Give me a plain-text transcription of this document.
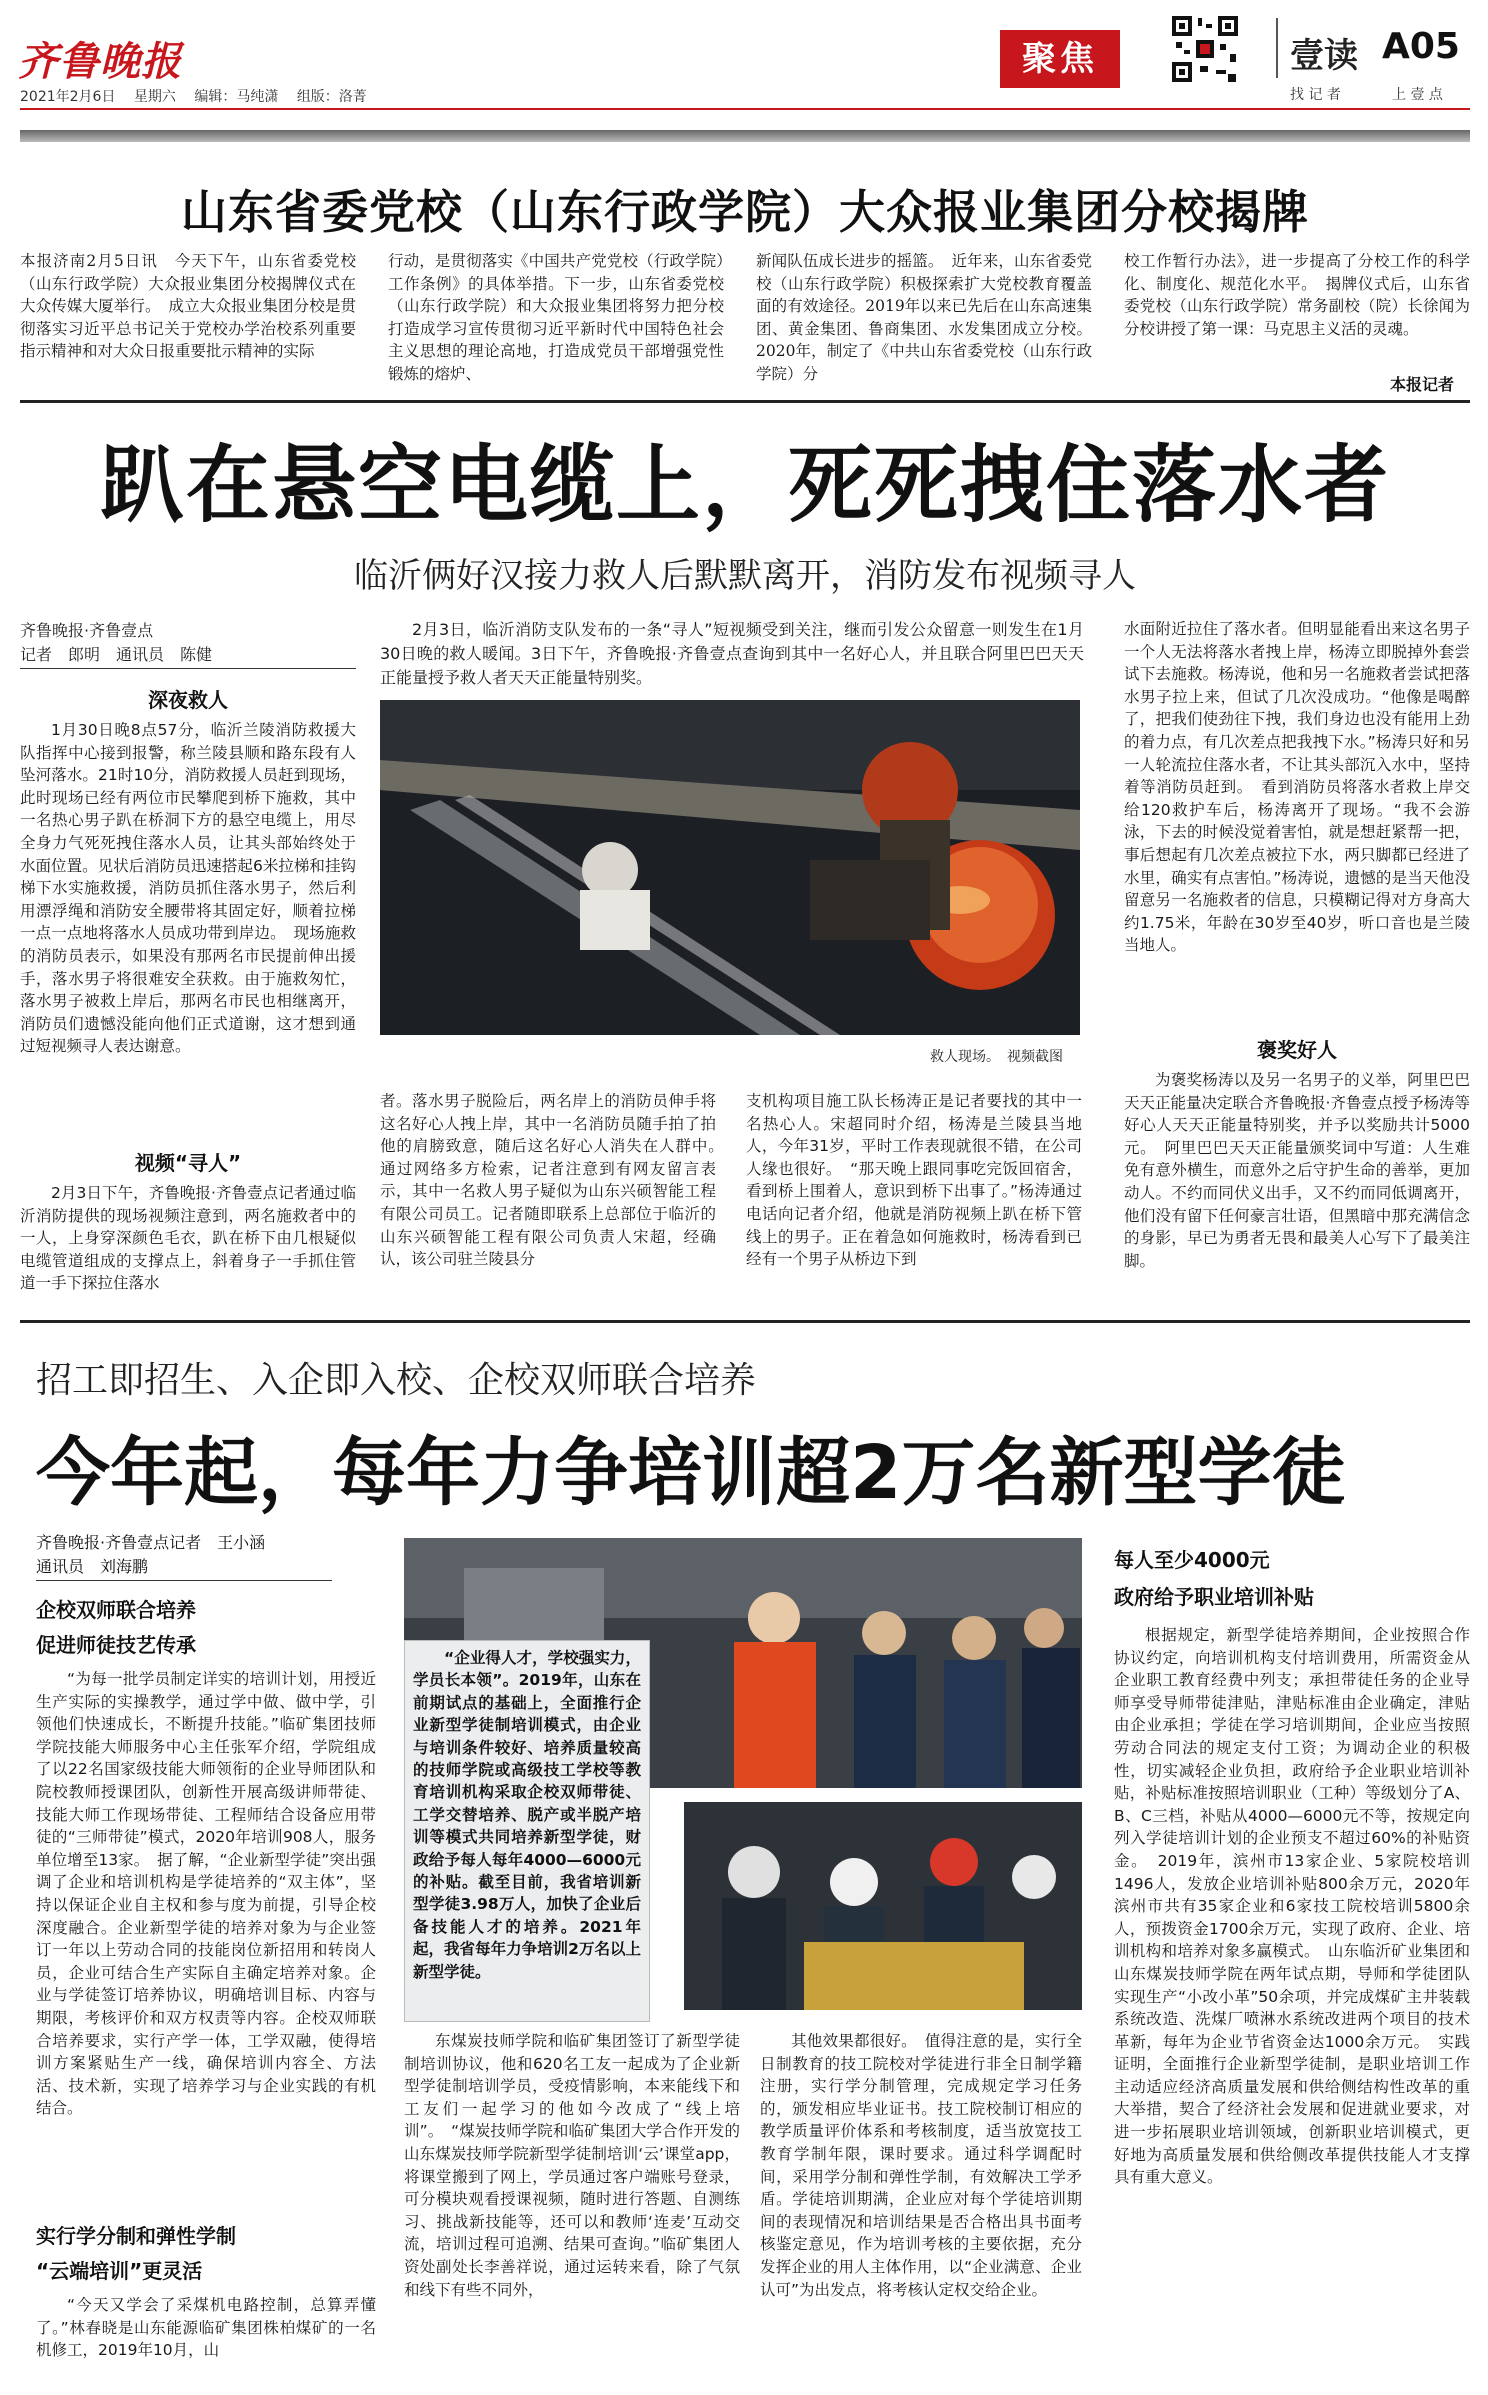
齐鲁晚报
2021年2月6日 星期六 编辑：马纯潇 组版：洛菁
聚焦	壹读 A05
找 记 者	上 壹 点
山东省委党校（山东行政学院）大众报业集团分校揭牌
本报济南2月5日讯　今天下午，山东省委党校（山东行政学院）大众报业集团分校揭牌仪式在大众传媒大厦举行。　成立大众报业集团分校是贯彻落实习近平总书记关于党校办学治校系列重要指示精神和对大众日报重要批示精神的实际
行动，是贯彻落实《中国共产党党校（行政学院）工作条例》的具体举措。下一步，山东省委党校（山东行政学院）和大众报业集团将努力把分校打造成学习宣传贯彻习近平新时代中国特色社会主义思想的理论高地，打造成党员干部增强党性锻炼的熔炉、
新闻队伍成长进步的摇篮。　近年来，山东省委党校（山东行政学院）积极探索扩大党校教育覆盖面的有效途径。2019年以来已先后在山东高速集团、黄金集团、鲁商集团、水发集团成立分校。2020年，制定了《中共山东省委党校（山东行政学院）分
校工作暂行办法》，进一步提高了分校工作的科学化、制度化、规范化水平。　揭牌仪式后，山东省委党校（山东行政学院）常务副校（院）长徐闻为分校讲授了第一课：马克思主义活的灵魂。
本报记者
趴在悬空电缆上，死死拽住落水者
临沂俩好汉接力救人后默默离开，消防发布视频寻人
齐鲁晚报·齐鲁壹点
记者　郎明　通讯员　陈健
深夜救人
1月30日晚8点57分，临沂兰陵消防救援大队指挥中心接到报警，称兰陵县顺和路东段有人坠河落水。21时10分，消防救援人员赶到现场，此时现场已经有两位市民攀爬到桥下施救，其中一名热心男子趴在桥洞下方的悬空电缆上，用尽全身力气死死拽住落水人员，让其头部始终处于水面位置。见状后消防员迅速搭起6米拉梯和挂钩梯下水实施救援，消防员抓住落水男子，然后利用漂浮绳和消防安全腰带将其固定好，顺着拉梯一点一点地将落水人员成功带到岸边。　现场施救的消防员表示，如果没有那两名市民提前伸出援手，落水男子将很难安全获救。由于施救匆忙，落水男子被救上岸后，那两名市民也相继离开，消防员们遗憾没能向他们正式道谢，这才想到通过短视频寻人表达谢意。
视频“寻人”
2月3日下午，齐鲁晚报·齐鲁壹点记者通过临沂消防提供的现场视频注意到，两名施救者中的一人，上身穿深颜色毛衣，趴在桥下由几根疑似电缆管道组成的支撑点上，斜着身子一手抓住管道一手下探拉住落水
2月3日，临沂消防支队发布的一条“寻人”短视频受到关注，继而引发公众留意一则发生在1月30日晚的救人暖闻。3日下午，齐鲁晚报·齐鲁壹点查询到其中一名好心人，并且联合阿里巴巴天天正能量授予救人者天天正能量特别奖。
救人现场。　视频截图
者。落水男子脱险后，两名岸上的消防员伸手将这名好心人拽上岸，其中一名消防员随手拍了拍他的肩膀致意，随后这名好心人消失在人群中。　通过网络多方检索，记者注意到有网友留言表示，其中一名救人男子疑似为山东兴硕智能工程有限公司员工。记者随即联系上总部位于临沂的山东兴硕智能工程有限公司负责人宋超，经确认，该公司驻兰陵县分
支机构项目施工队长杨涛正是记者要找的其中一名热心人。宋超同时介绍，杨涛是兰陵县当地人，今年31岁，平时工作表现就很不错，在公司人缘也很好。　“那天晚上跟同事吃完饭回宿舍，看到桥上围着人，意识到桥下出事了。”杨涛通过电话向记者介绍，他就是消防视频上趴在桥下管线上的男子。正在着急如何施救时，杨涛看到已经有一个男子从桥边下到
水面附近拉住了落水者。但明显能看出来这名男子一个人无法将落水者拽上岸，杨涛立即脱掉外套尝试下去施救。杨涛说，他和另一名施救者尝试把落水男子拉上来，但试了几次没成功。“他像是喝醉了，把我们使劲往下拽，我们身边也没有能用上劲的着力点，有几次差点把我拽下水。”杨涛只好和另一人轮流拉住落水者，不让其头部沉入水中，坚持着等消防员赶到。　看到消防员将落水者救上岸交给120救护车后，杨涛离开了现场。“我不会游泳，下去的时候没觉着害怕，就是想赶紧帮一把，事后想起有几次差点被拉下水，两只脚都已经进了水里，确实有点害怕。”杨涛说，遗憾的是当天他没留意另一名施救者的信息，只模糊记得对方身高大约1.75米，年龄在30岁至40岁，听口音也是兰陵当地人。
褒奖好人
为褒奖杨涛以及另一名男子的义举，阿里巴巴天天正能量决定联合齐鲁晚报·齐鲁壹点授予杨涛等好心人天天正能量特别奖，并予以奖励共计5000元。　阿里巴巴天天正能量颁奖词中写道：人生难免有意外横生，而意外之后守护生命的善举，更加动人。不约而同伏义出手，又不约而同低调离开，他们没有留下任何豪言壮语，但黑暗中那充满信念的身影，早已为勇者无畏和最美人心写下了最美注脚。
招工即招生、入企即入校、企校双师联合培养
今年起，每年力争培训超2万名新型学徒
齐鲁晚报·齐鲁壹点记者　王小涵
通讯员　刘海鹏
企校双师联合培养
促进师徒技艺传承
“为每一批学员制定详实的培训计划，用授近生产实际的实操教学，通过学中做、做中学，引领他们快速成长，不断提升技能。”临矿集团技师学院技能大师服务中心主任张军介绍，学院组成了以22名国家级技能大师领衔的企业导师团队和院校教师授课团队，创新性开展高级讲师带徒、技能大师工作现场带徒、工程师结合设备应用带徒的“三师带徒”模式，2020年培训908人，服务单位增至13家。　据了解，“企业新型学徒”突出强调了企业和培训机构是学徒培养的“双主体”，坚持以保证企业自主权和参与度为前提，引导企校深度融合。企业新型学徒的培养对象为与企业签订一年以上劳动合同的技能岗位新招用和转岗人员，企业可结合生产实际自主确定培养对象。企业与学徒签订培养协议，明确培训目标、内容与期限，考核评价和双方权责等内容。企校双师联合培养要求，实行产学一体，工学双融，使得培训方案紧贴生产一线，确保培训内容全、方法活、技术新，实现了培养学习与企业实践的有机结合。
实行学分制和弹性学制
“云端培训”更灵活
“今天又学会了采煤机电路控制，总算弄懂了。”林春晓是山东能源临矿集团株柏煤矿的一名机修工，2019年10月，山
“企业得人才，学校强实力，学员长本领”。2019年，山东在前期试点的基础上，全面推行企业新型学徒制培训模式，由企业与培训条件较好、培养质量较高的技师学院或高级技工学校等教育培训机构采取企校双师带徒、工学交替培养、脱产或半脱产培训等模式共同培养新型学徒，财政给予每人每年4000—6000元的补贴。截至目前，我省培训新型学徒3.98万人，加快了企业后备技能人才的培养。2021年起，我省每年力争培训2万名以上新型学徒。
东煤炭技师学院和临矿集团签订了新型学徒制培训协议，他和620名工友一起成为了企业新型学徒制培训学员，受疫情影响，本来能线下和工友们一起学习的他如今改成了“线上培训”。　“煤炭技师学院和临矿集团大学合作开发的山东煤炭技师学院新型学徒制培训‘云’课堂app，将课堂搬到了网上，学员通过客户端账号登录，可分模块观看授课视频，随时进行答题、自测练习、挑战新技能等，还可以和教师‘连麦’互动交流，培训过程可追溯、结果可查询。”临矿集团人资处副处长李善祥说，通过运转来看，除了气氛和线下有些不同外，
其他效果都很好。　值得注意的是，实行全日制教育的技工院校对学徒进行非全日制学籍注册，实行学分制管理，完成规定学习任务的，颁发相应毕业证书。技工院校制订相应的教学质量评价体系和考核制度，适当放宽技工教育学制年限，课时要求。通过科学调配时间，采用学分制和弹性学制，有效解决工学矛盾。学徒培训期满，企业应对每个学徒培训期间的表现情况和培训结果是否合格出具书面考核鉴定意见，作为培训考核的主要依据，充分发挥企业的用人主体作用，以“企业满意、企业认可”为出发点，将考核认定权交给企业。
每人至少4000元
政府给予职业培训补贴
根据规定，新型学徒培养期间，企业按照合作协议约定，向培训机构支付培训费用，所需资金从企业职工教育经费中列支；承担带徒任务的企业导师享受导师带徒津贴，津贴标准由企业确定，津贴由企业承担；学徒在学习培训期间，企业应当按照劳动合同法的规定支付工资；为调动企业的积极性，切实减轻企业负担，政府给予企业职业培训补贴，补贴标准按照培训职业（工种）等级划分了A、B、C三档，补贴从4000—6000元不等，按规定向列入学徒培训计划的企业预支不超过60%的补贴资金。　2019年，滨州市13家企业、5家院校培训1496人，发放企业培训补贴800余万元，2020年滨州市共有35家企业和6家技工院校培训5800余人，预拨资金1700余万元，实现了政府、企业、培训机构和培养对象多赢模式。　山东临沂矿业集团和山东煤炭技师学院在两年试点期，导师和学徒团队实现生产“小改小革”50余项，并完成煤矿主井装载系统改造、洗煤厂喷淋水系统改进两个项目的技术革新，每年为企业节省资金达1000余万元。　实践证明，全面推行企业新型学徒制，是职业培训工作主动适应经济高质量发展和供给侧结构性改革的重大举措，契合了经济社会发展和促进就业要求，对进一步拓展职业培训领域，创新职业培训模式，更好地为高质量发展和供给侧改革提供技能人才支撑具有重大意义。
